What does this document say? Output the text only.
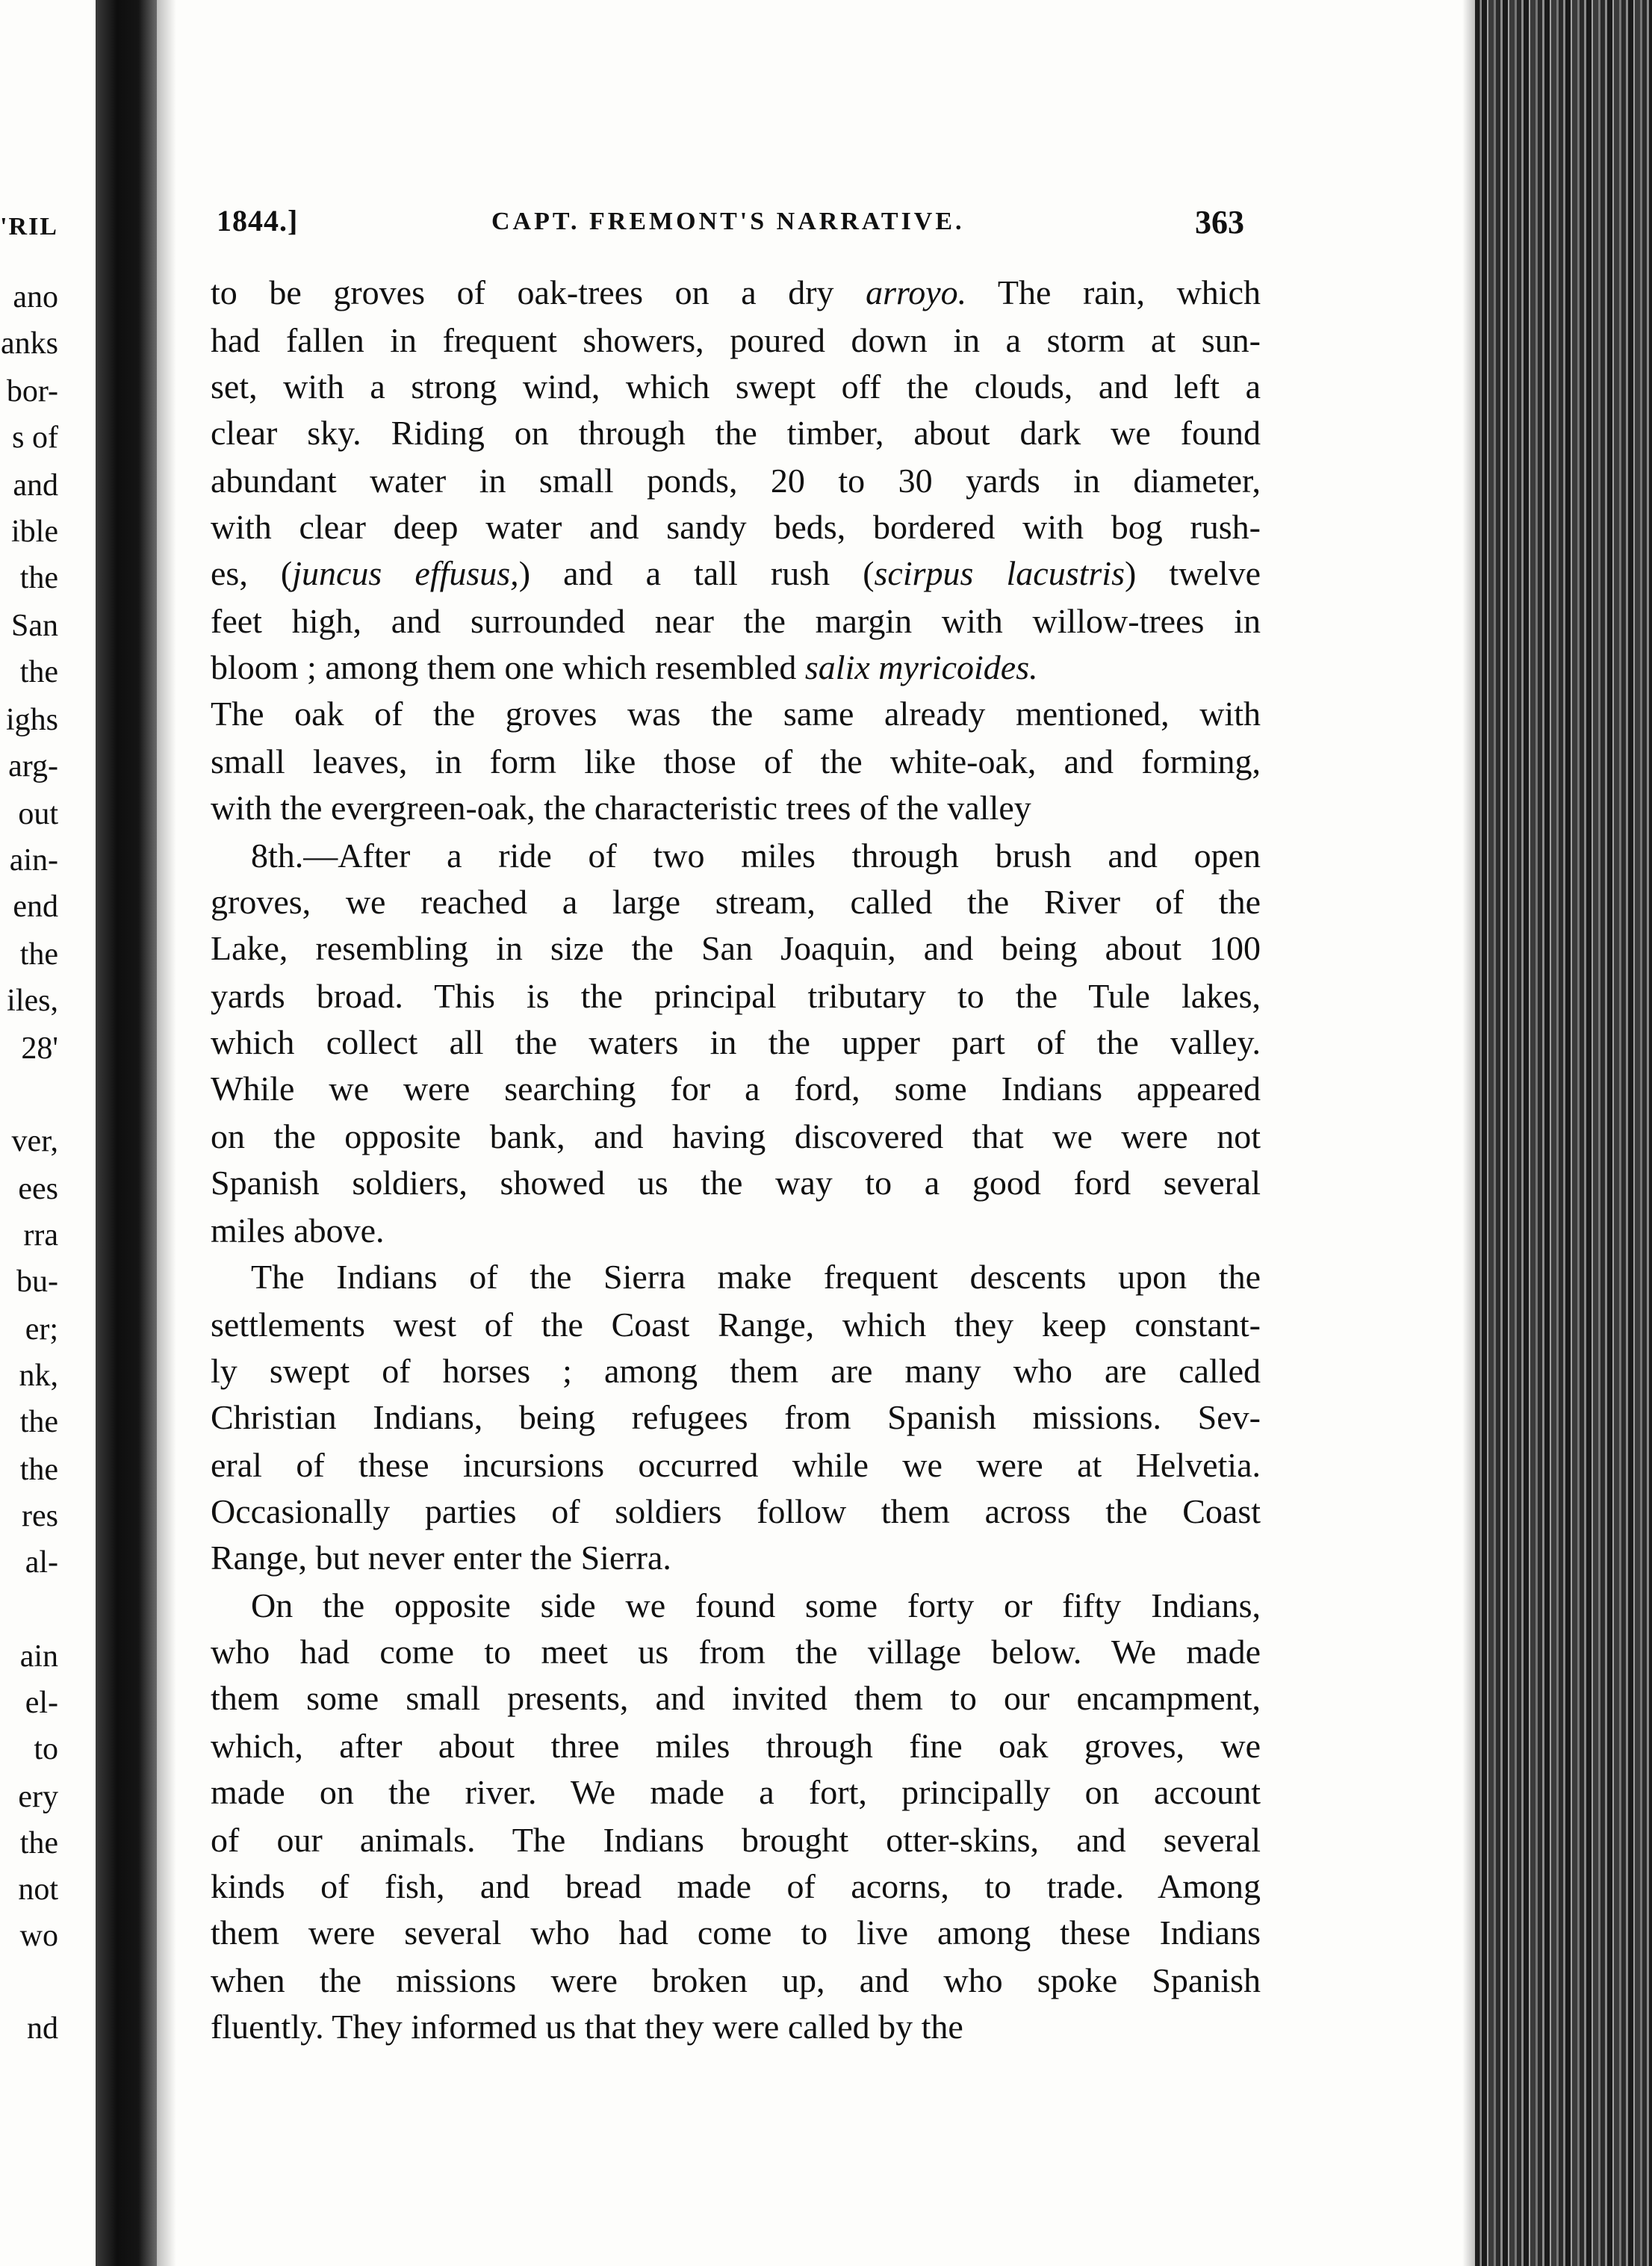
'RIL
ano
anks
bor-
s of
and
ible
the
San
the
ighs
arg-
out
ain-
end
the
iles,
28'
ver,
ees
rra
bu-
er;
nk,
the
the
res
al-
ain
el-
to
ery
the
not
wo
nd
1844.]	CAPT. FREMONT'S NARRATIVE.	363
to be groves of oak-trees on a dry arroyo. The rain, which
had fallen in frequent showers, poured down in a storm at sun-
set, with a strong wind, which swept off the clouds, and left a
clear sky. Riding on through the timber, about dark we found
abundant water in small ponds, 20 to 30 yards in diameter,
with clear deep water and sandy beds, bordered with bog rush-
es, (juncus effusus,) and a tall rush (scirpus lacustris) twelve
feet high, and surrounded near the margin with willow-trees in
bloom ; among them one which resembled salix myricoides.
The oak of the groves was the same already mentioned, with
small leaves, in form like those of the white-oak, and forming,
with the evergreen-oak, the characteristic trees of the valley
8th.—After a ride of two miles through brush and open
groves, we reached a large stream, called the River of the
Lake, resembling in size the San Joaquin, and being about 100
yards broad. This is the principal tributary to the Tule lakes,
which collect all the waters in the upper part of the valley.
While we were searching for a ford, some Indians appeared
on the opposite bank, and having discovered that we were not
Spanish soldiers, showed us the way to a good ford several
miles above.
The Indians of the Sierra make frequent descents upon the
settlements west of the Coast Range, which they keep constant-
ly swept of horses ; among them are many who are called
Christian Indians, being refugees from Spanish missions. Sev-
eral of these incursions occurred while we were at Helvetia.
Occasionally parties of soldiers follow them across the Coast
Range, but never enter the Sierra.
On the opposite side we found some forty or fifty Indians,
who had come to meet us from the village below. We made
them some small presents, and invited them to our encampment,
which, after about three miles through fine oak groves, we
made on the river. We made a fort, principally on account
of our animals. The Indians brought otter-skins, and several
kinds of fish, and bread made of acorns, to trade. Among
them were several who had come to live among these Indians
when the missions were broken up, and who spoke Spanish
fluently. They informed us that they were called by the
